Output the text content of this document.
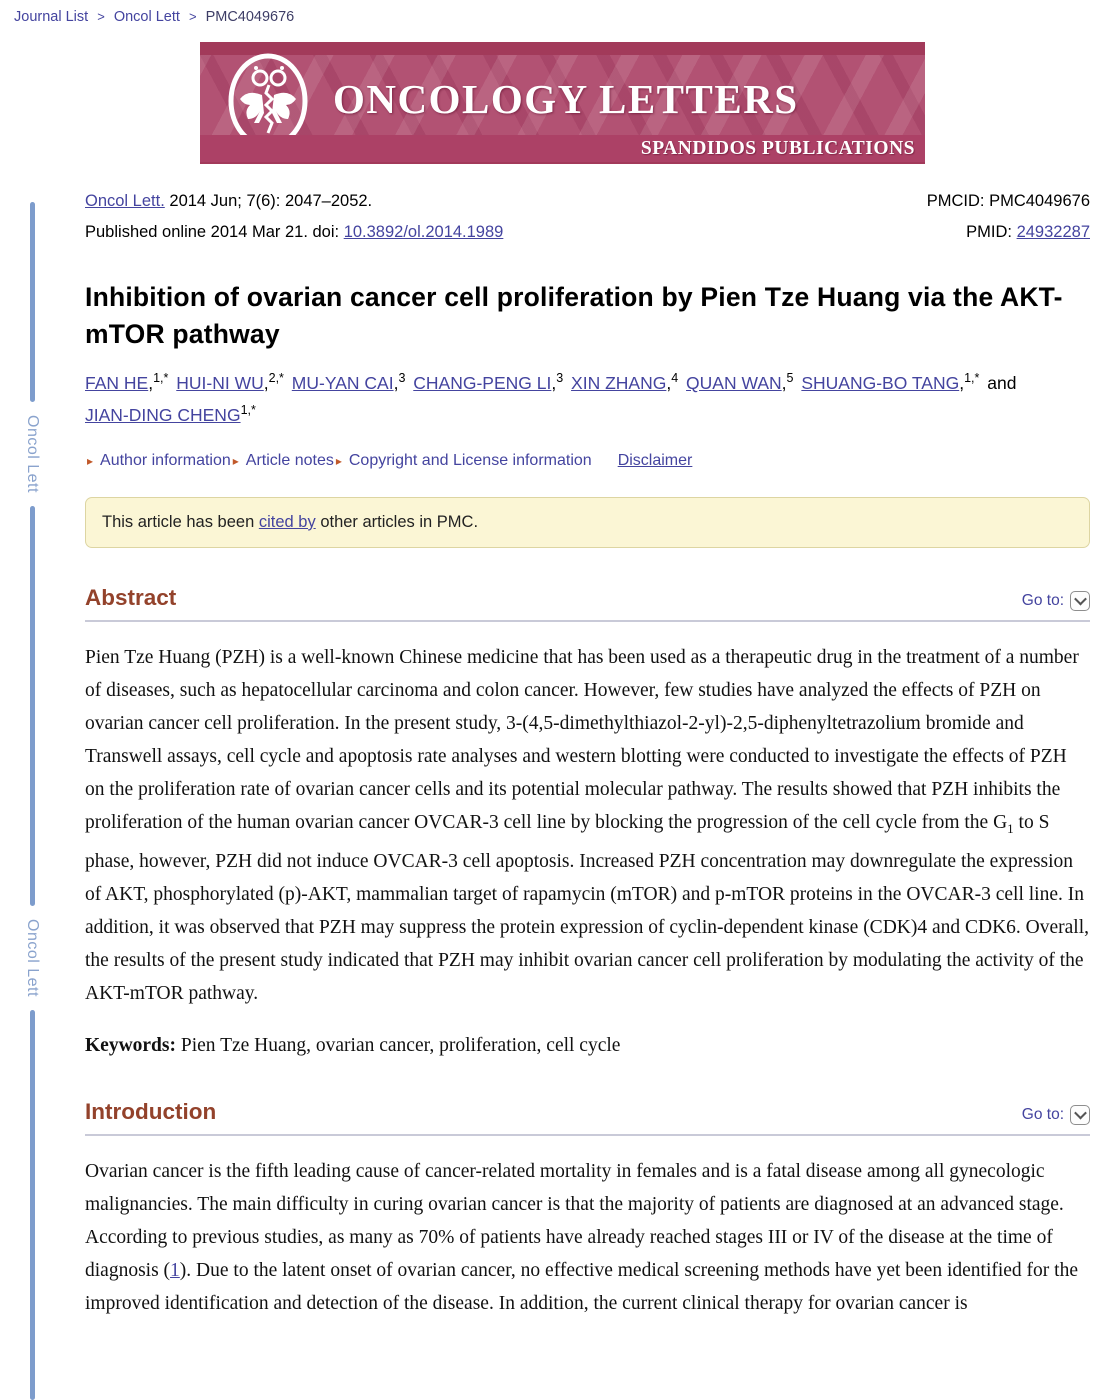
Journal List > Oncol Lett > PMC4049676
ONCOLOGY LETTERS
SPANDIDOS PUBLICATIONS
Oncol Lett
Oncol Lett
Oncol Lett. 2014 Jun; 7(6): 2047–2052.
Published online 2014 Mar 21. doi: 10.3892/ol.2014.1989
PMCID: PMC4049676
PMID: 24932287
Inhibition of ovarian cancer cell proliferation by Pien Tze Huang via the AKT-mTOR pathway
FAN HE,$^{1,*}$ HUI-NI WU,$^{2,*}$ MU-YAN CAI,$^3$ CHANG-PENG LI,$^3$ XIN ZHANG,$^4$ QUAN WAN,$^5$ SHUANG-BO TANG,$^{1,*}$ and JIAN-DING $CHENG^{1,*}$
▸ Author information ▸ Article notes ▸ Copyright and License information Disclaimer
This article has been cited by other articles in PMC.
Abstract	Go to:

Pien Tze Huang (PZH) is a well-known Chinese medicine that has been used as a therapeutic drug in the treatment of a number of diseases, such as hepatocellular carcinoma and colon cancer. However, few studies have analyzed the effects of PZH on ovarian cancer cell proliferation. In the present study, 3-(4,5-dimethylthiazol-2-yl)-2,5-diphenyltetrazolium bromide and Transwell assays, cell cycle and apoptosis rate analyses and western blotting were conducted to investigate the effects of PZH on the proliferation rate of ovarian cancer cells and its potential molecular pathway. The results showed that PZH inhibits the proliferation of the human ovarian cancer OVCAR-3 cell line by blocking the progression of the cell cycle from the $G_1$ to S phase, however, PZH did not induce OVCAR-3 cell apoptosis. Increased PZH concentration may downregulate the expression of AKT, phosphorylated (p)-AKT, mammalian target of rapamycin (mTOR) and p-mTOR proteins in the OVCAR-3 cell line. In addition, it was observed that PZH may suppress the protein expression of cyclin-dependent kinase (CDK)4 and CDK6. Overall, the results of the present study indicated that PZH may inhibit ovarian cancer cell proliferation by modulating the activity of the AKT-mTOR pathway.

Keywords: Pien Tze Huang, ovarian cancer, proliferation, cell cycle

Introduction	Go to:

Ovarian cancer is the fifth leading cause of cancer-related mortality in females and is a fatal disease among all gynecologic malignancies. The main difficulty in curing ovarian cancer is that the majority of patients are diagnosed at an advanced stage. According to previous studies, as many as 70% of patients have already reached stages III or IV of the disease at the time of diagnosis (1). Due to the latent onset of ovarian cancer, no effective medical screening methods have yet been identified for the improved identification and detection of the disease. In addition, the current clinical therapy for ovarian cancer is
